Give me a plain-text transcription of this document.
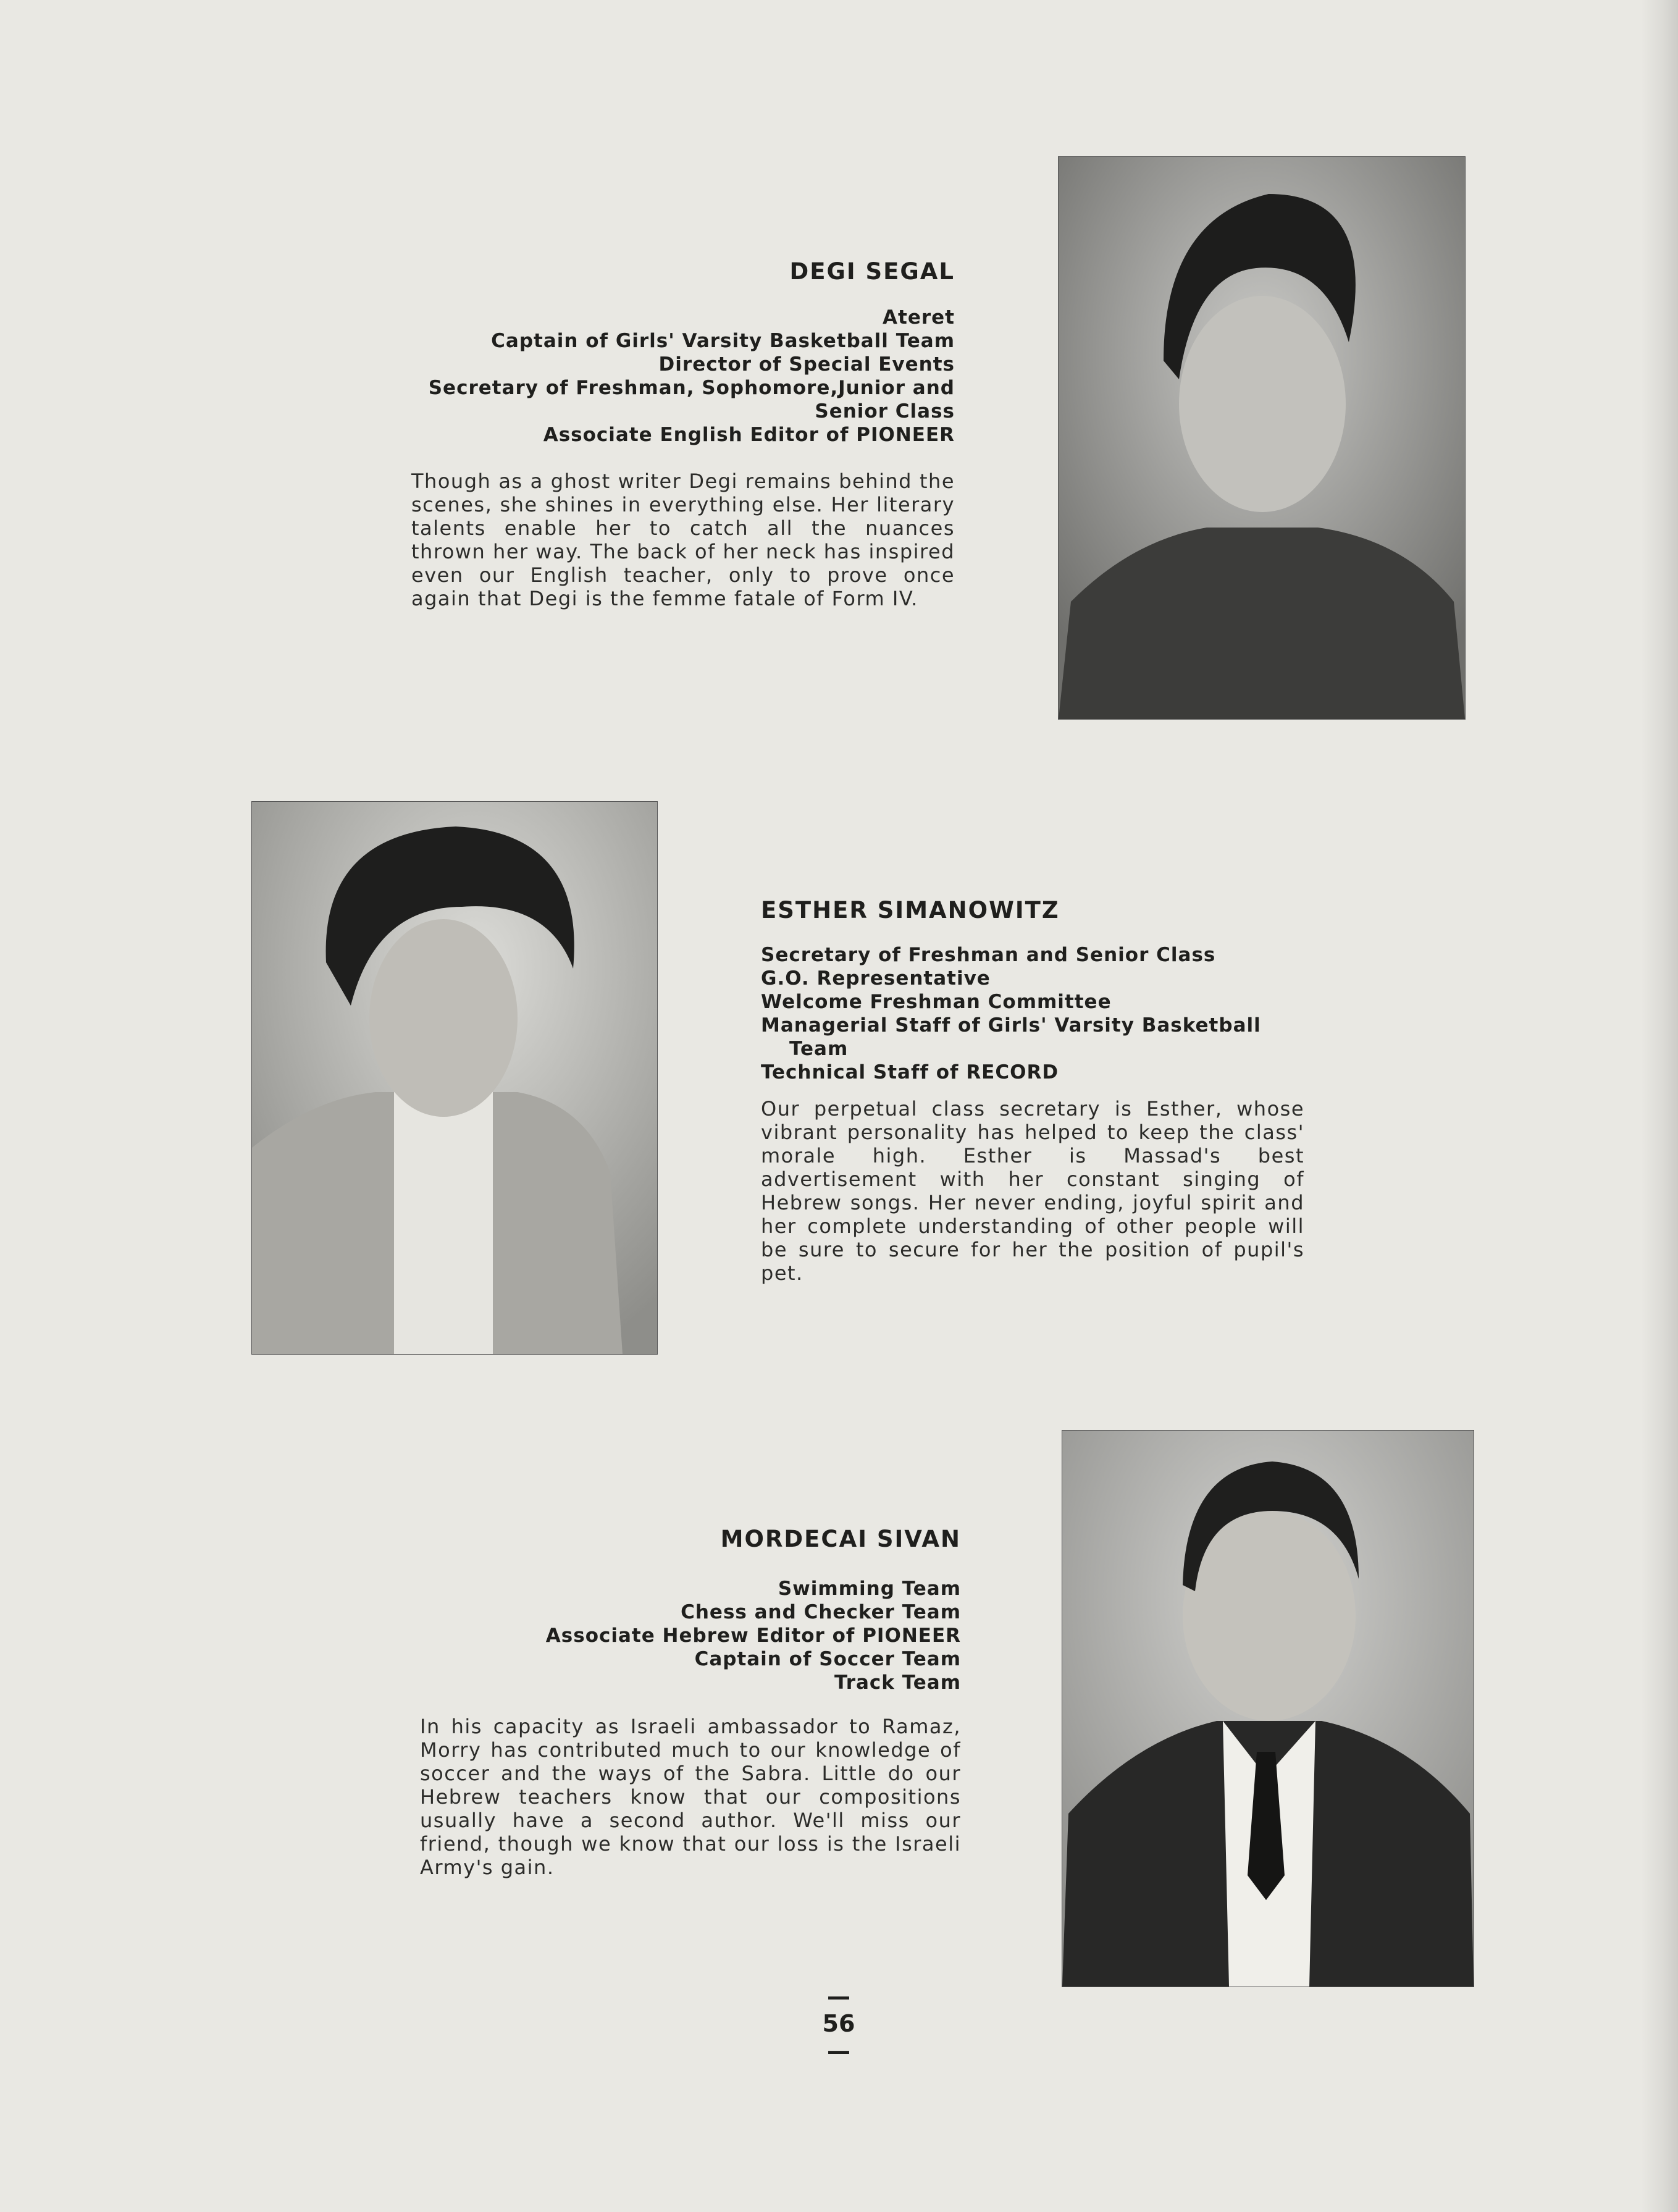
DEGI SEGAL
Ateret
Captain of Girls' Varsity Basketball Team
Director of Special Events
Secretary of Freshman, Sophomore,Junior and
Senior Class
Associate English Editor of PIONEER

Though as a ghost writer Degi remains behind the scenes, she shines in everything else. Her literary talents enable her to catch all the nuances thrown her way. The back of her neck has inspired even our English teacher, only to prove once again that Degi is the femme fatale of Form IV.

ESTHER SIMANOWITZ
Secretary of Freshman and Senior Class
G.O. Representative
Welcome Freshman Committee
Managerial Staff of Girls' Varsity Basketball
Team
Technical Staff of RECORD

Our perpetual class secretary is Esther, whose vibrant personality has helped to keep the class' morale high. Esther is Massad's best advertisement with her constant singing of Hebrew songs. Her never ending, joyful spirit and her complete understanding of other people will be sure to secure for her the position of pupil's pet.

MORDECAI SIVAN
Swimming Team
Chess and Checker Team
Associate Hebrew Editor of PIONEER
Captain of Soccer Team
Track Team

In his capacity as Israeli ambassador to Ramaz, Morry has contributed much to our knowledge of soccer and the ways of the Sabra. Little do our Hebrew teachers know that our compositions usually have a second author. We'll miss our friend, though we know that our loss is the Israeli Army's gain.

— 56 —
